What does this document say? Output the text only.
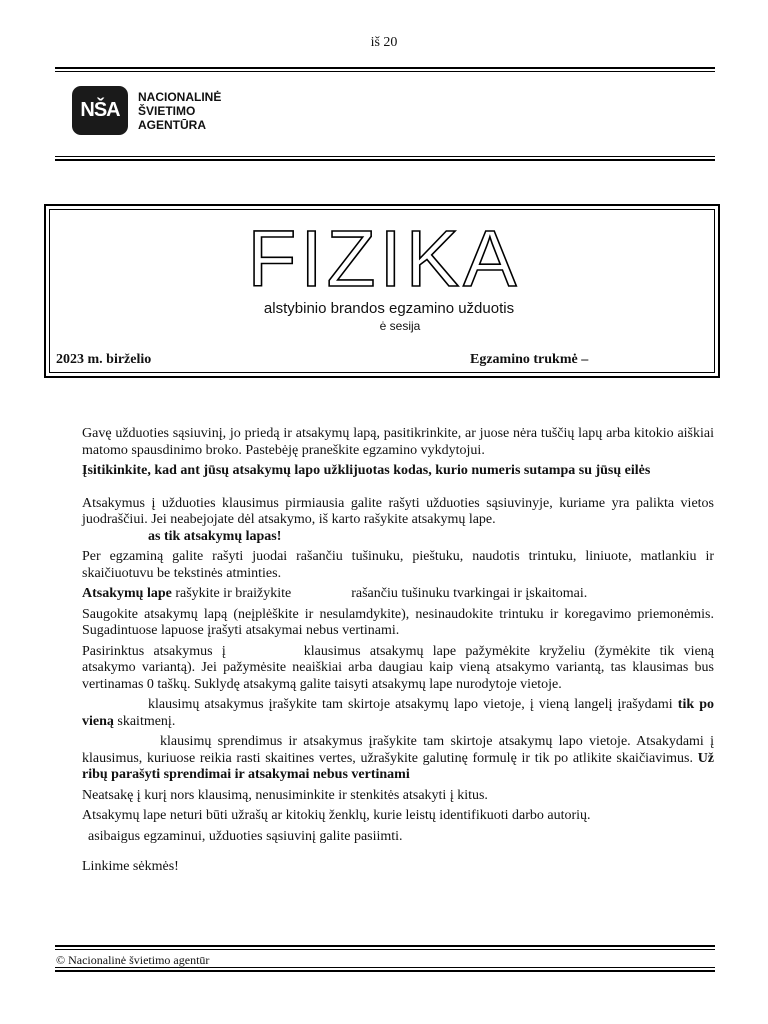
iš 20
NŠA
NACIONALINĖ
ŠVIETIMO
AGENTŪRA
FIZIKA
alstybinio brandos egzamino užduotis
ė sesija
2023 m. birželio	Egzamino trukmė –

Gavę užduoties sąsiuvinį, jo priedą ir atsakymų lapą, pasitikrinkite, ar juose nėra tuščių lapų arba kitokio aiškiai matomo spausdinimo broko. Pastebėję praneškite egzamino vykdytojui.

Įsitikinkite, kad ant jūsų atsakymų lapo užklijuotas kodas, kurio numeris sutampa su jūsų eilės

Atsakymus į užduoties klausimus pirmiausia galite rašyti užduoties sąsiuvinyje, kuriame yra palikta vietos juodraščiui. Jei neabejojate dėl atsakymo, iš karto rašykite atsakymų lape.
as tik atsakymų lapas!

Per egzaminą galite rašyti juodai rašančiu tušinuku, pieštuku, naudotis trintuku, liniuote, matlankiu ir skaičiuotuvu be tekstinės atminties.

Atsakymų lape rašykite ir braižykite	rašančiu tušinuku tvarkingai ir įskaitomai.

Saugokite atsakymų lapą (neįplėškite ir nesulamdykite), nesinaudokite trintuku ir koregavimo priemonėmis. Sugadintuose lapuose įrašyti atsakymai nebus vertinami.

Pasirinktus atsakymus į	klausimus atsakymų lape pažymėkite kryželiu (žymėkite tik vieną atsakymo variantą). Jei pažymėsite neaiškiai arba daugiau kaip vieną atsakymo variantą, tas klausimas bus vertinamas 0 taškų. Suklydę atsakymą galite taisyti atsakymų lape nurodytoje vietoje.

klausimų atsakymus įrašykite tam skirtoje atsakymų lapo vietoje, į vieną langelį įrašydami tik po vieną skaitmenį.

klausimų sprendimus ir atsakymus įrašykite tam skirtoje atsakymų lapo vietoje. Atsakydami į klausimus, kuriuose reikia rasti skaitines vertes, užrašykite galutinę formulę ir tik po atlikite skaičiavimus. Už ribų parašyti sprendimai ir atsakymai nebus vertinami

Neatsakę į kurį nors klausimą, nenusiminkite ir stenkitės atsakyti į kitus.

Atsakymų lape neturi būti užrašų ar kitokių ženklų, kurie leistų identifikuoti darbo autorių.

asibaigus egzaminui, užduoties sąsiuvinį galite pasiimti.

Linkime sėkmės!

© Nacionalinė švietimo agentūr
